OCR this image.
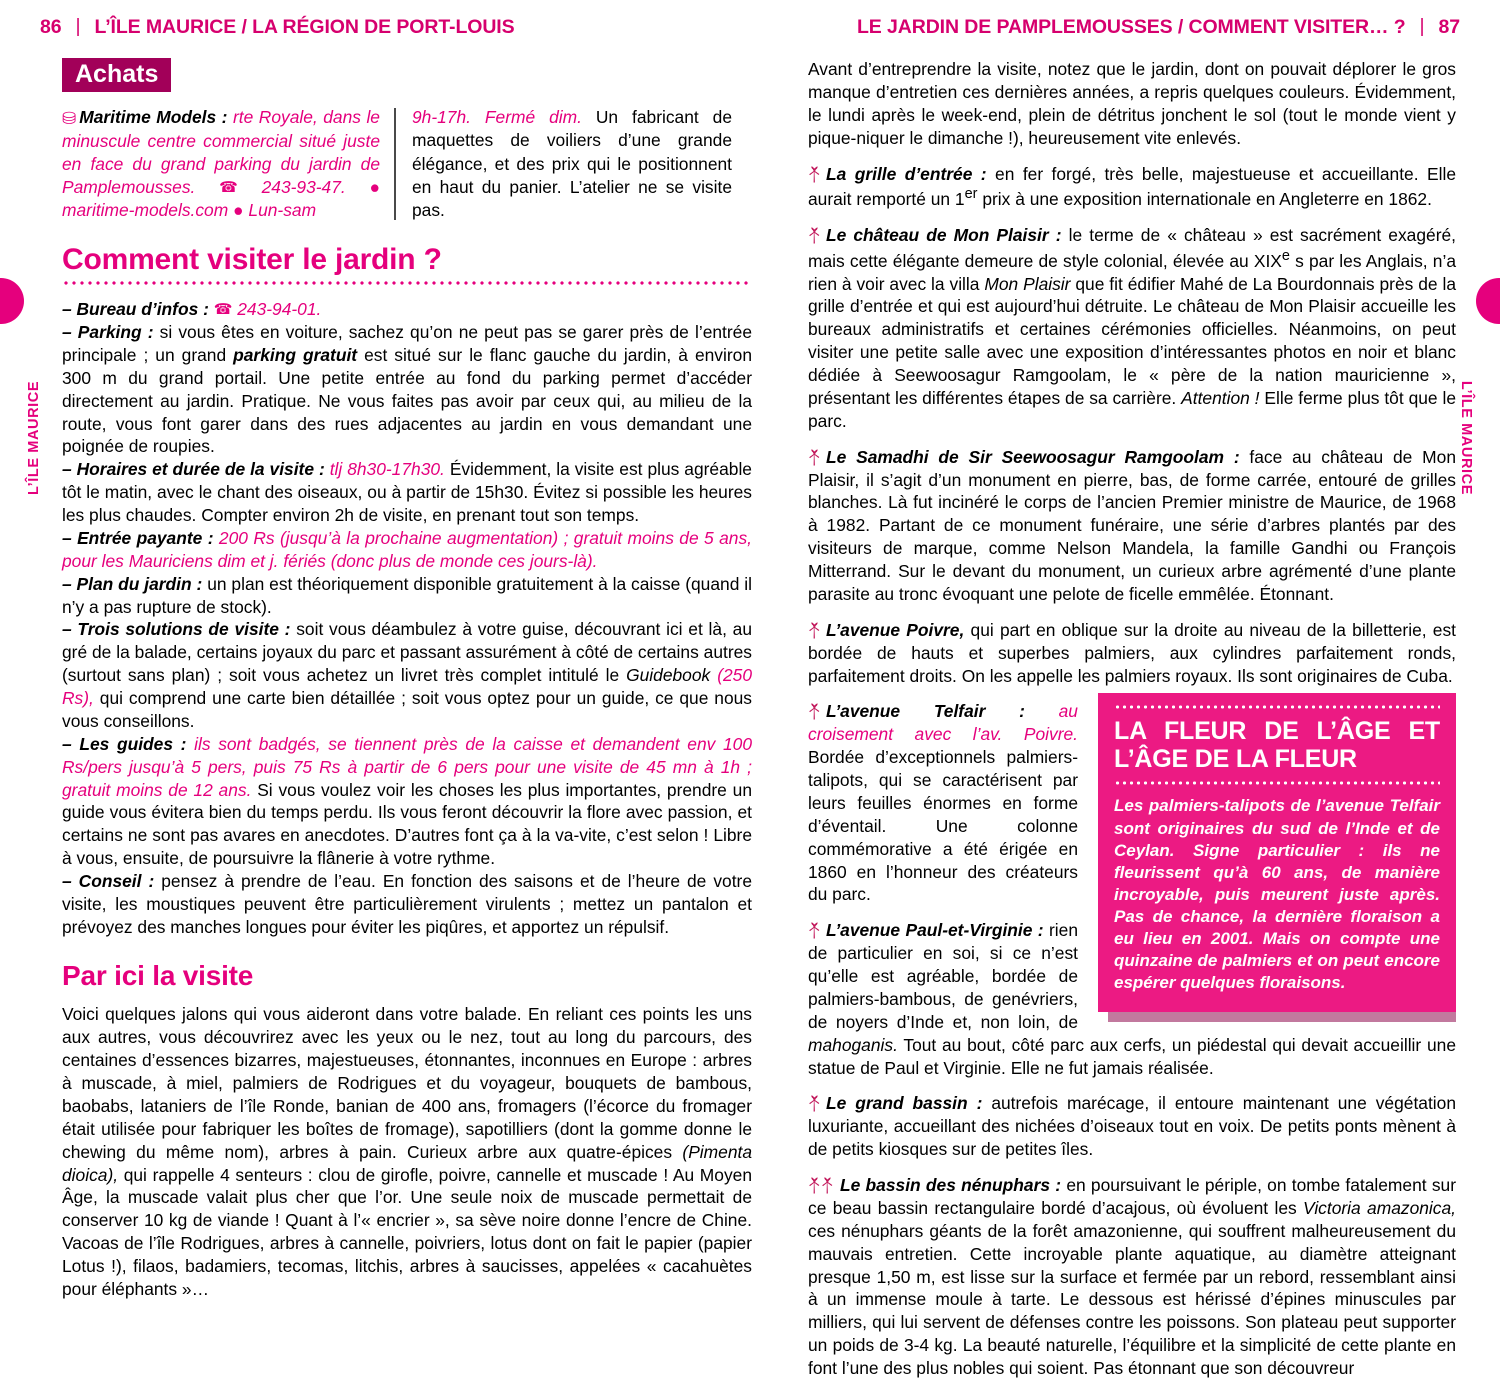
86 | L’ÎLE MAURICE / LA RÉGION DE PORT-LOUIS	LE JARDIN DE PAMPLEMOUSSES / COMMENT VISITER… ? | 87
L’ÎLE MAURICE	L’ÎLE MAURICE
Achats
⛁ Maritime Models : rte Royale, dans le minuscule centre commercial situé juste en face du grand parking du jardin de Pamplemousses. ☎ 243-93-47. ● maritime-models.com ● Lun-sam
9h-17h. Fermé dim. Un fabricant de maquettes de voiliers d’une grande élégance, et des prix qui le positionnent en haut du panier. L’atelier ne se visite pas.
Comment visiter le jardin ?

– Bureau d’infos : ☎ 243-94-01.

– Parking : si vous êtes en voiture, sachez qu’on ne peut pas se garer près de l’entrée principale ; un grand parking gratuit est situé sur le flanc gauche du jardin, à environ 300 m du grand portail. Une petite entrée au fond du parking permet d’accéder directement au jardin. Pratique. Ne vous faites pas avoir par ceux qui, au milieu de la route, vous font garer dans des rues adjacentes au jardin en vous demandant une poignée de roupies.

– Horaires et durée de la visite : tlj 8h30-17h30. Évidemment, la visite est plus agréable tôt le matin, avec le chant des oiseaux, ou à partir de 15h30. Évitez si possible les heures les plus chaudes. Compter environ 2h de visite, en prenant tout son temps.

– Entrée payante : 200 Rs (jusqu’à la prochaine augmentation) ; gratuit moins de 5 ans, pour les Mauriciens dim et j. fériés (donc plus de monde ces jours-là).

– Plan du jardin : un plan est théoriquement disponible gratuitement à la caisse (quand il n’y a pas rupture de stock).

– Trois solutions de visite : soit vous déambulez à votre guise, découvrant ici et là, au gré de la balade, certains joyaux du parc et passant assurément à côté de certains autres (surtout sans plan) ; soit vous achetez un livret très complet intitulé le Guidebook (250 Rs), qui comprend une carte bien détaillée ; soit vous optez pour un guide, ce que nous vous conseillons.

– Les guides : ils sont badgés, se tiennent près de la caisse et demandent env 100 Rs/pers jusqu’à 5 pers, puis 75 Rs à partir de 6 pers pour une visite de 45 mn à 1h ; gratuit moins de 12 ans. Si vous voulez voir les choses les plus importantes, prendre un guide vous évitera bien du temps perdu. Ils vous feront découvrir la flore avec passion, et certains ne sont pas avares en anecdotes. D’autres font ça à la va-vite, c’est selon ! Libre à vous, ensuite, de poursuivre la flânerie à votre rythme.

– Conseil : pensez à prendre de l’eau. En fonction des saisons et de l’heure de votre visite, les moustiques peuvent être particulièrement virulents ; mettez un pantalon et prévoyez des manches longues pour éviter les piqûres, et apportez un répulsif.

Par ici la visite

Voici quelques jalons qui vous aideront dans votre balade. En reliant ces points les uns aux autres, vous découvrirez avec les yeux ou le nez, tout au long du parcours, des centaines d’essences bizarres, majestueuses, étonnantes, inconnues en Europe : arbres à muscade, à miel, palmiers de Rodrigues et du voyageur, bouquets de bambous, baobabs, lataniers de l’île Ronde, banian de 400 ans, fromagers (l’écorce du fromager était utilisée pour fabriquer les boîtes de fromage), sapotilliers (dont la gomme donne le chewing du même nom), arbres à pain. Curieux arbre aux quatre-épices (Pimenta dioica), qui rappelle 4 senteurs : clou de girofle, poivre, cannelle et muscade ! Au Moyen Âge, la muscade valait plus cher que l’or. Une seule noix de muscade permettait de conserver 10 kg de viande ! Quant à l’« encrier », sa sève noire donne l’encre de Chine. Vacoas de l’île Rodrigues, arbres à cannelle, poivriers, lotus dont on fait le papier (papier Lotus !), filaos, badamiers, tecomas, litchis, arbres à saucisses, appelées « cacahuètes pour éléphants »…

Avant d’entreprendre la visite, notez que le jardin, dont on pouvait déplorer le gros manque d’entretien ces dernières années, a repris quelques couleurs. Évidemment, le lundi après le week-end, plein de détritus jonchent le sol (tout le monde vient y pique-niquer le dimanche !), heureusement vite enlevés.

La grille d’entrée : en fer forgé, très belle, majestueuse et accueillante. Elle aurait remporté un 1er prix à une exposition internationale en Angleterre en 1862.

Le château de Mon Plaisir : le terme de « château » est sacrément exagéré, mais cette élégante demeure de style colonial, élevée au XIXe s par les Anglais, n’a rien à voir avec la villa Mon Plaisir que fit édifier Mahé de La Bourdonnais près de la grille d’entrée et qui est aujourd’hui détruite. Le château de Mon Plaisir accueille les bureaux administratifs et certaines cérémonies officielles. Néanmoins, on peut visiter une petite salle avec une exposition d’intéressantes photos en noir et blanc dédiée à Seewoosagur Ramgoolam, le « père de la nation mauricienne », présentant les différentes étapes de sa carrière. Attention ! Elle ferme plus tôt que le parc.

Le Samadhi de Sir Seewoosagur Ramgoolam : face au château de Mon Plaisir, il s’agit d’un monument en pierre, bas, de forme carrée, entouré de grilles blanches. Là fut incinéré le corps de l’ancien Premier ministre de Maurice, de 1968 à 1982. Partant de ce monument funéraire, une série d’arbres plantés par des visiteurs de marque, comme Nelson Mandela, la famille Gandhi ou François Mitterrand. Sur le devant du monument, un curieux arbre agrémenté d’une plante parasite au tronc évoquant une pelote de ficelle emmêlée. Étonnant.

L’avenue Poivre, qui part en oblique sur la droite au niveau de la billetterie, est bordée de hauts et superbes palmiers, aux cylindres parfaitement ronds, parfaitement droits. On les appelle les palmiers royaux. Ils sont originaires de Cuba.

LA FLEUR DE L’ÂGE ET L’ÂGE DE LA FLEUR
Les palmiers-talipots de l’avenue Telfair sont originaires du sud de l’Inde et de Ceylan. Signe particulier : ils ne fleurissent qu’à 60 ans, de manière incroyable, puis meurent juste après. Pas de chance, la dernière floraison a eu lieu en 2001. Mais on compte une quinzaine de palmiers et on peut encore espérer quelques floraisons.

L’avenue Telfair : au croisement avec l’av. Poivre. Bordée d’exceptionnels palmiers-talipots, qui se caractérisent par leurs feuilles énormes en forme d’éventail. Une colonne commémorative a été érigée en 1860 en l’honneur des créateurs du parc.

L’avenue Paul-et-Virginie : rien de particulier en soi, si ce n’est qu’elle est agréable, bordée de palmiers-bambous, de genévriers, de noyers d’Inde et, non loin, de mahoganis. Tout au bout, côté parc aux cerfs, un piédestal qui devait accueillir une statue de Paul et Virginie. Elle ne fut jamais réalisée.

Le grand bassin : autrefois marécage, il entoure maintenant une végétation luxuriante, accueillant des nichées d’oiseaux tout en voix. De petits ponts mènent à de petits kiosques sur de petites îles.

Le bassin des nénuphars : en poursuivant le périple, on tombe fatalement sur ce beau bassin rectangulaire bordé d’acajous, où évoluent les Victoria amazonica, ces nénuphars géants de la forêt amazonienne, qui souffrent malheureusement du mauvais entretien. Cette incroyable plante aquatique, au diamètre atteignant presque 1,50 m, est lisse sur la surface et fermée par un rebord, ressemblant ainsi à un immense moule à tarte. Le dessous est hérissé d’épines minuscules par milliers, qui lui servent de défenses contre les poissons. Son plateau peut supporter un poids de 3-4 kg. La beauté naturelle, l’équilibre et la simplicité de cette plante en font l’une des plus nobles qui soient. Pas étonnant que son découvreur
